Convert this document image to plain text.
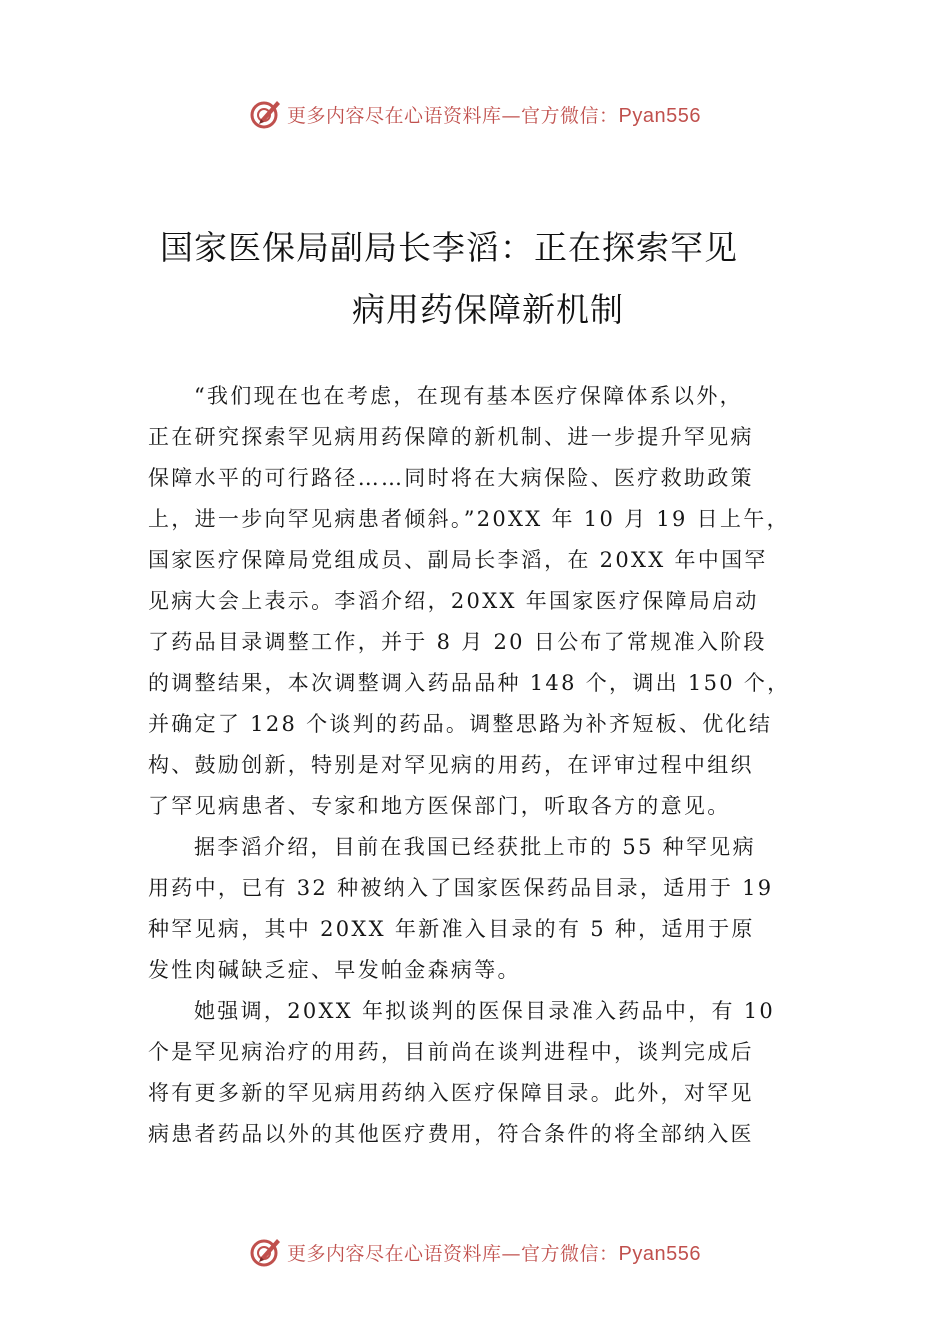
更多内容尽在心语资料库—官方微信：Pyan556
国家医保局副局长李滔：正在探索罕见
病用药保障新机制
“我们现在也在考虑，在现有基本医疗保障体系以外，
正在研究探索罕见病用药保障的新机制、进一步提升罕见病
保障水平的可行路径……同时将在大病保险、医疗救助政策
上，进一步向罕见病患者倾斜。”20XX 年 10 月 19 日上午，
国家医疗保障局党组成员、副局长李滔，在 20XX 年中国罕
见病大会上表示。李滔介绍，20XX 年国家医疗保障局启动
了药品目录调整工作，并于 8 月 20 日公布了常规准入阶段
的调整结果，本次调整调入药品品种 148 个，调出 150 个，
并确定了 128 个谈判的药品。调整思路为补齐短板、优化结
构、鼓励创新，特别是对罕见病的用药，在评审过程中组织
了罕见病患者、专家和地方医保部门，听取各方的意见。
据李滔介绍，目前在我国已经获批上市的 55 种罕见病
用药中，已有 32 种被纳入了国家医保药品目录，适用于 19
种罕见病，其中 20XX 年新准入目录的有 5 种，适用于原
发性肉碱缺乏症、早发帕金森病等。
她强调，20XX 年拟谈判的医保目录准入药品中，有 10
个是罕见病治疗的用药，目前尚在谈判进程中，谈判完成后
将有更多新的罕见病用药纳入医疗保障目录。此外，对罕见
病患者药品以外的其他医疗费用，符合条件的将全部纳入医
更多内容尽在心语资料库—官方微信：Pyan556
